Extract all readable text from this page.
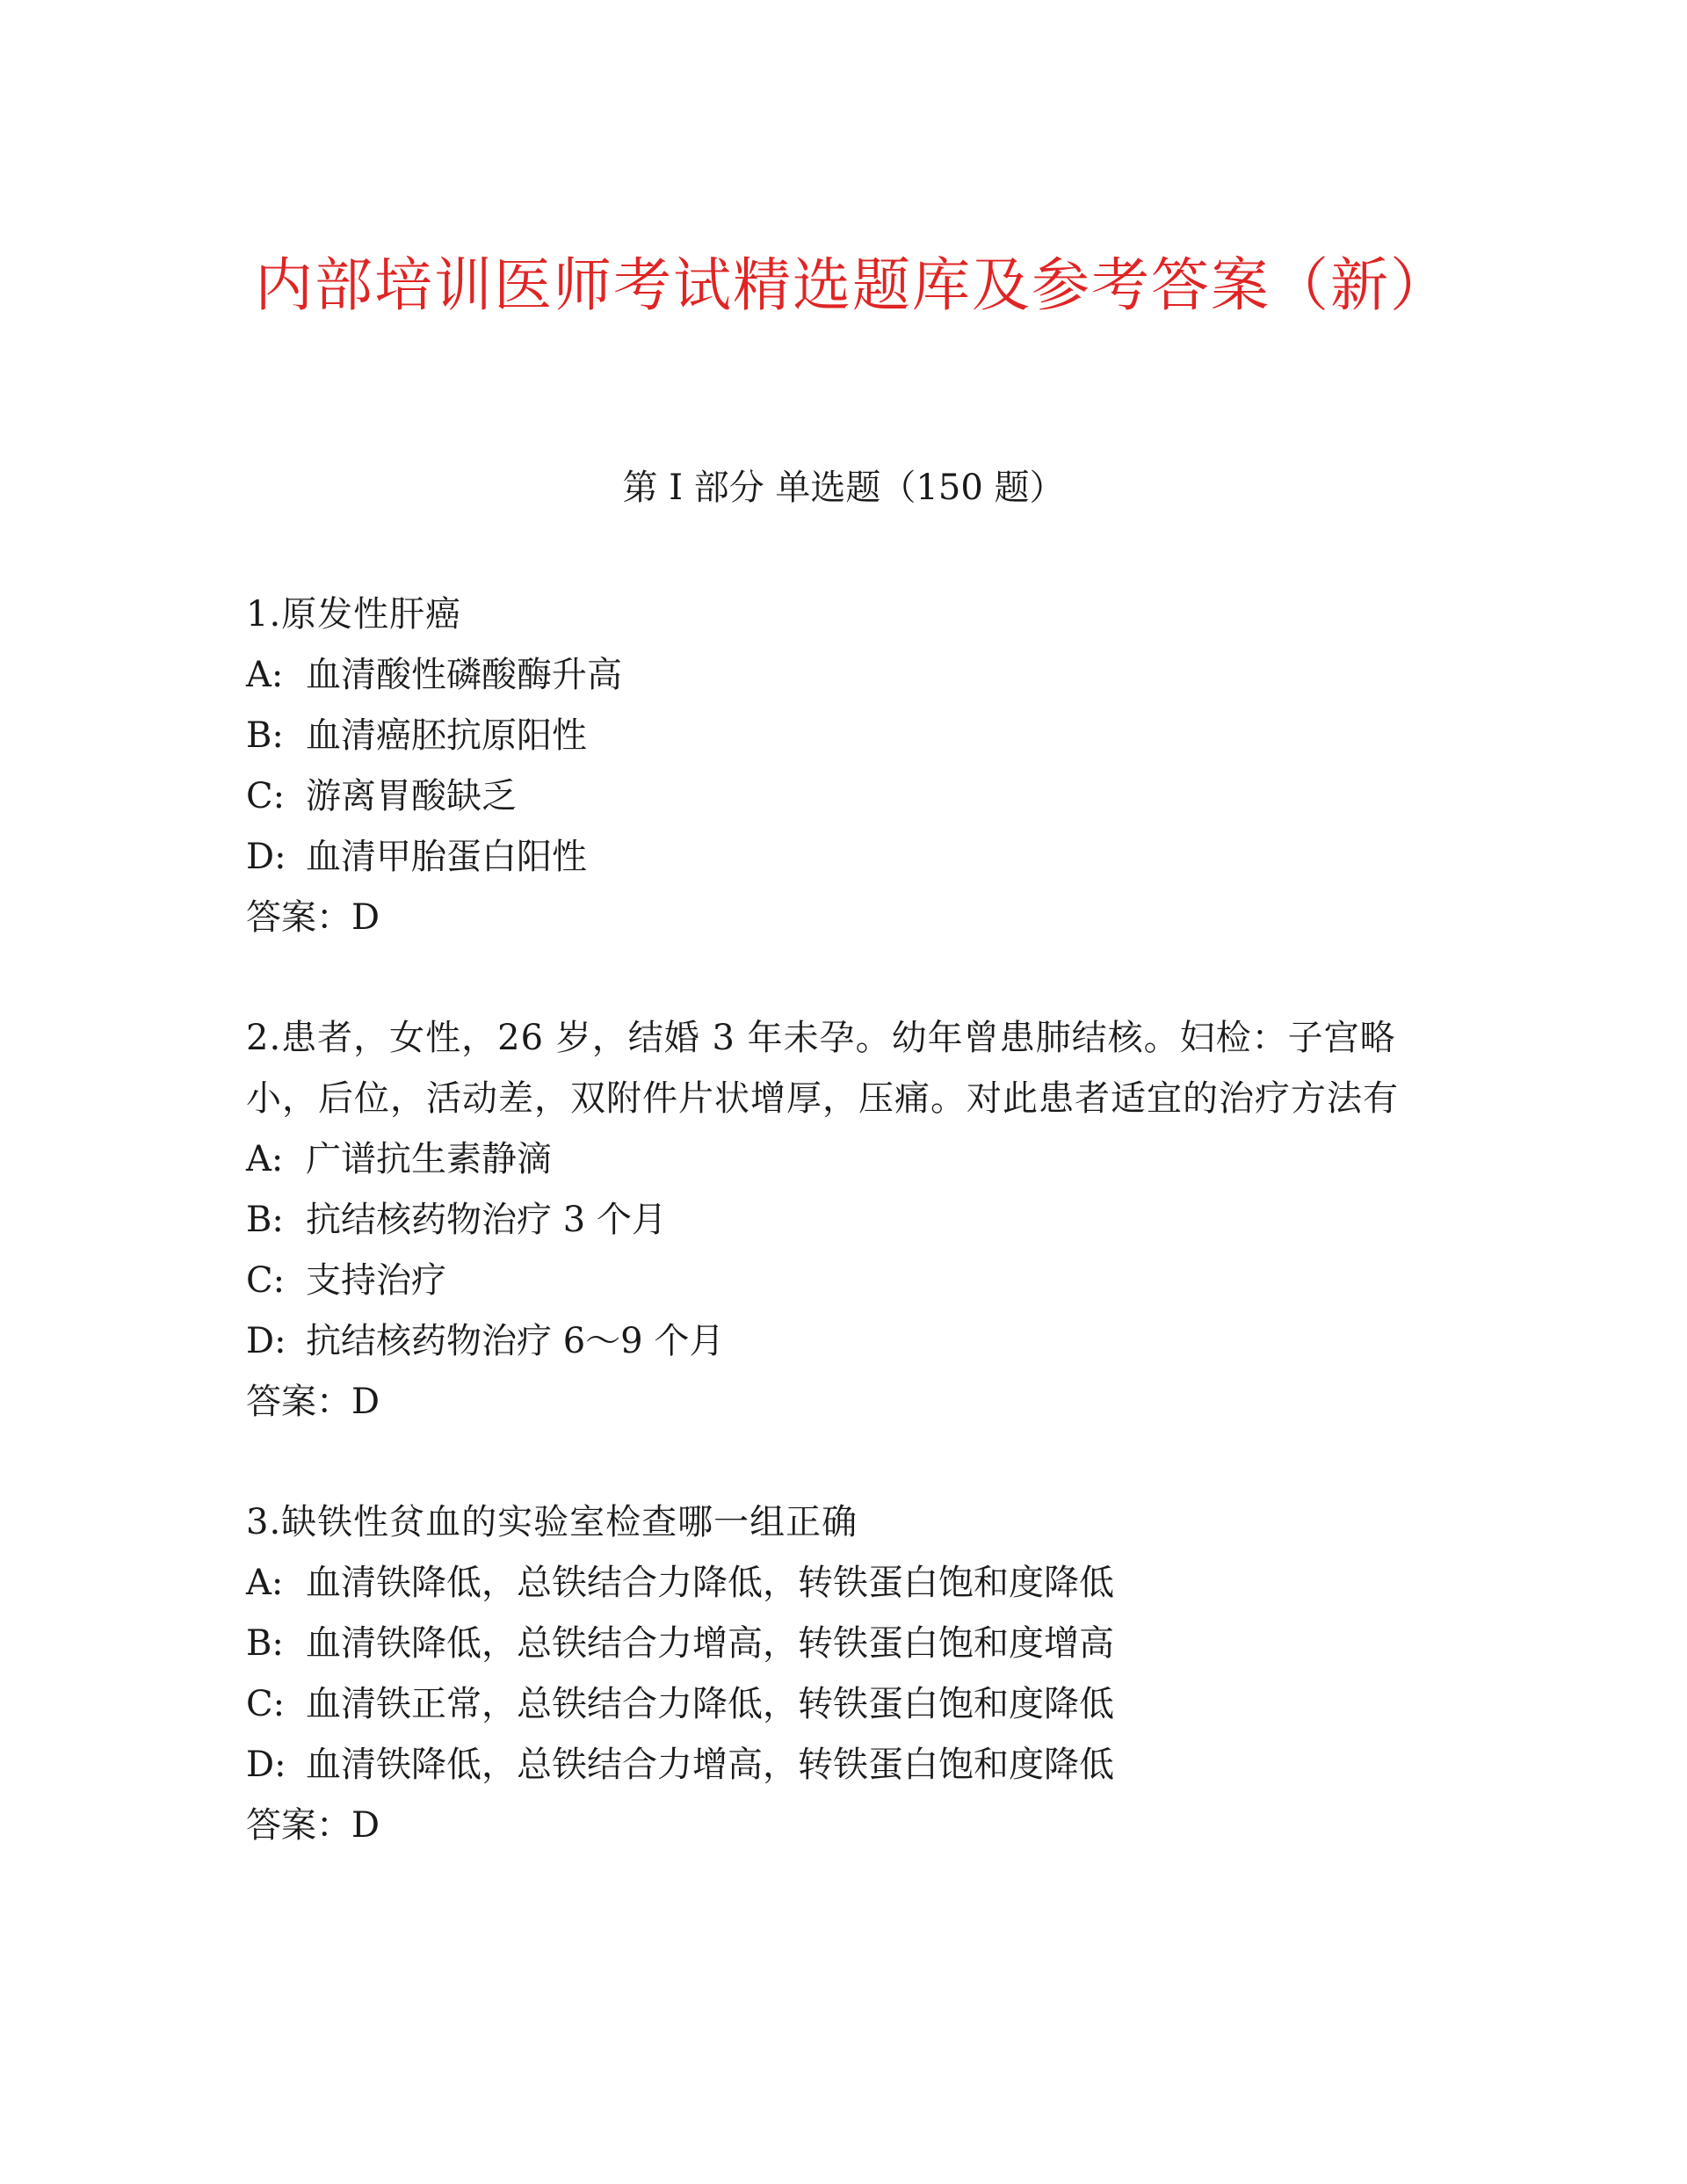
内部培训医师考试精选题库及参考答案（新）
第 I 部分 单选题（150 题）

1.原发性肝癌

A: 血清酸性磷酸酶升高

B: 血清癌胚抗原阳性

C: 游离胃酸缺乏

D: 血清甲胎蛋白阳性

答案：D

2.患者，女性，26 岁，结婚 3 年未孕。幼年曾患肺结核。妇检：子宫略小，后位，活动差，双附件片状增厚，压痛。对此患者适宜的治疗方法有

A: 广谱抗生素静滴

B: 抗结核药物治疗 3 个月

C: 支持治疗

D: 抗结核药物治疗 6～9 个月

答案：D

3.缺铁性贫血的实验室检查哪一组正确

A: 血清铁降低，总铁结合力降低，转铁蛋白饱和度降低

B: 血清铁降低，总铁结合力增高，转铁蛋白饱和度增高

C: 血清铁正常，总铁结合力降低，转铁蛋白饱和度降低

D: 血清铁降低，总铁结合力增高，转铁蛋白饱和度降低

答案：D
